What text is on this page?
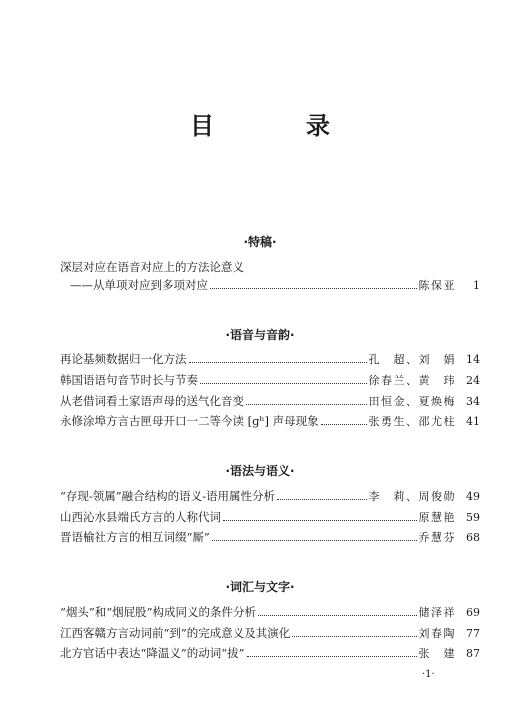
目　录
·特稿·
深层对应在语音对应上的方法论意义
——从单项对应到多项对应	陈保亚	1
·语音与音韵·
再论基频数据归一化方法	孔　超、刘　娟 14
韩国语语句音节时长与节奏	徐春兰、黄　玮 24
从老借词看土家语声母的送气化音变	田恒金、夏焕梅 34
永修涂埠方言古匣母开口一二等今读 [ɡʰ] 声母现象	张勇生、邵尤柱 41
·语法与语义·
“存现-领属”融合结构的语义-语用属性分析	李　莉、周俊勋 49
山西沁水县端氏方言的人称代词	原慧艳 59
晋语榆社方言的相互词缀“厮”	乔慧芬 68
·词汇与文字·
“烟头”和“烟屁股”构成同义的条件分析	储泽祥 69
江西客赣方言动词前“到”的完成意义及其演化	刘春陶 77
北方官话中表达“降温义”的动词“拔”	张　建 87
·1·
